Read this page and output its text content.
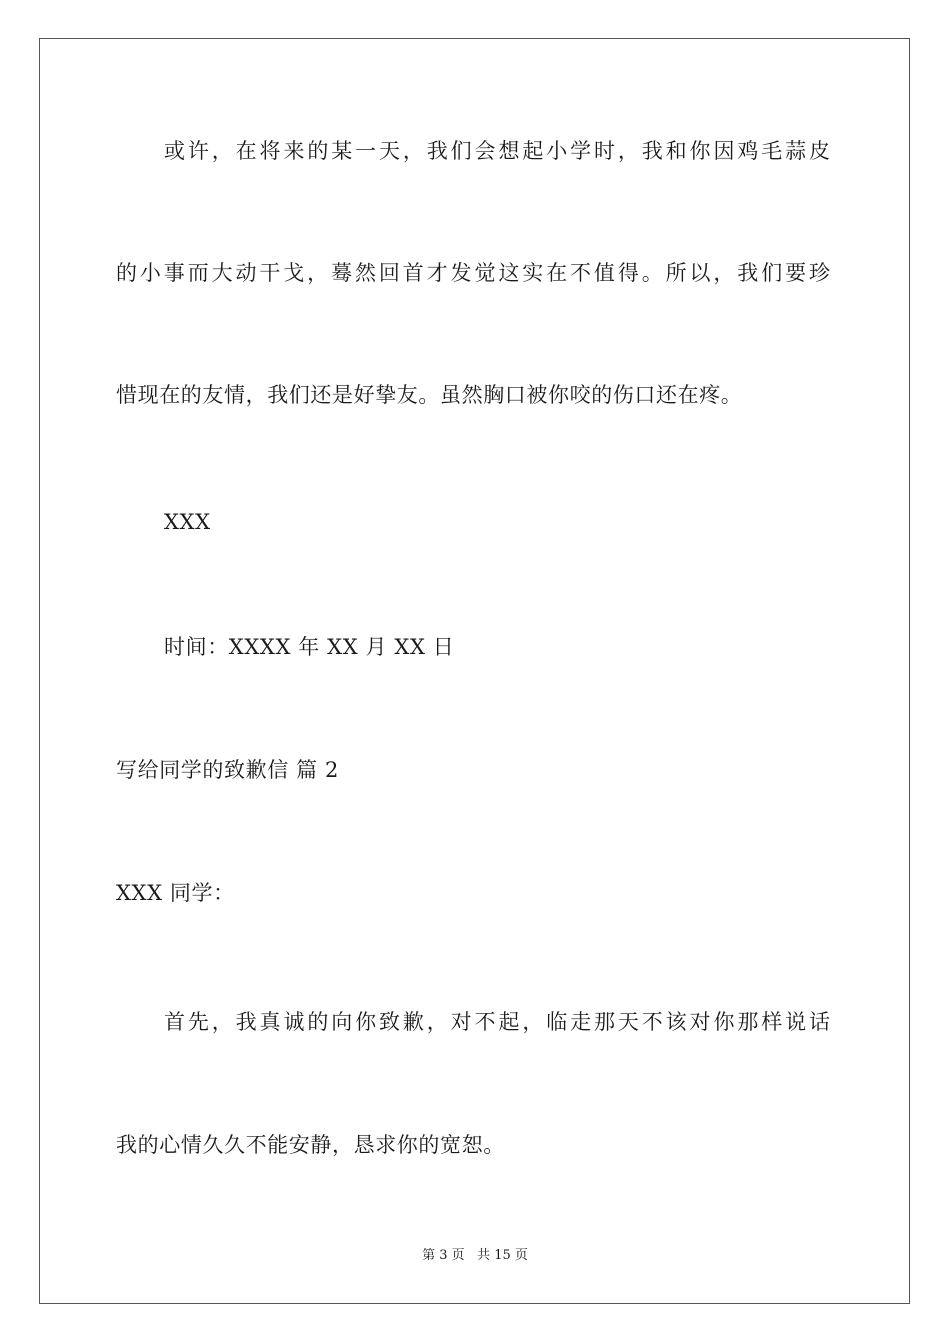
或许，在将来的某一天，我们会想起小学时，我和你因鸡毛蒜皮
的小事而大动干戈，蓦然回首才发觉这实在不值得。所以，我们要珍
惜现在的友情，我们还是好挚友。虽然胸口被你咬的伤口还在疼。
XXX
时间：XXXX 年 XX 月 XX 日
写给同学的致歉信 篇 2
XXX 同学：
首先，我真诚的向你致歉，对不起，临走那天不该对你那样说话
我的心情久久不能安静，恳求你的宽恕。
第 3 页   共 15 页
